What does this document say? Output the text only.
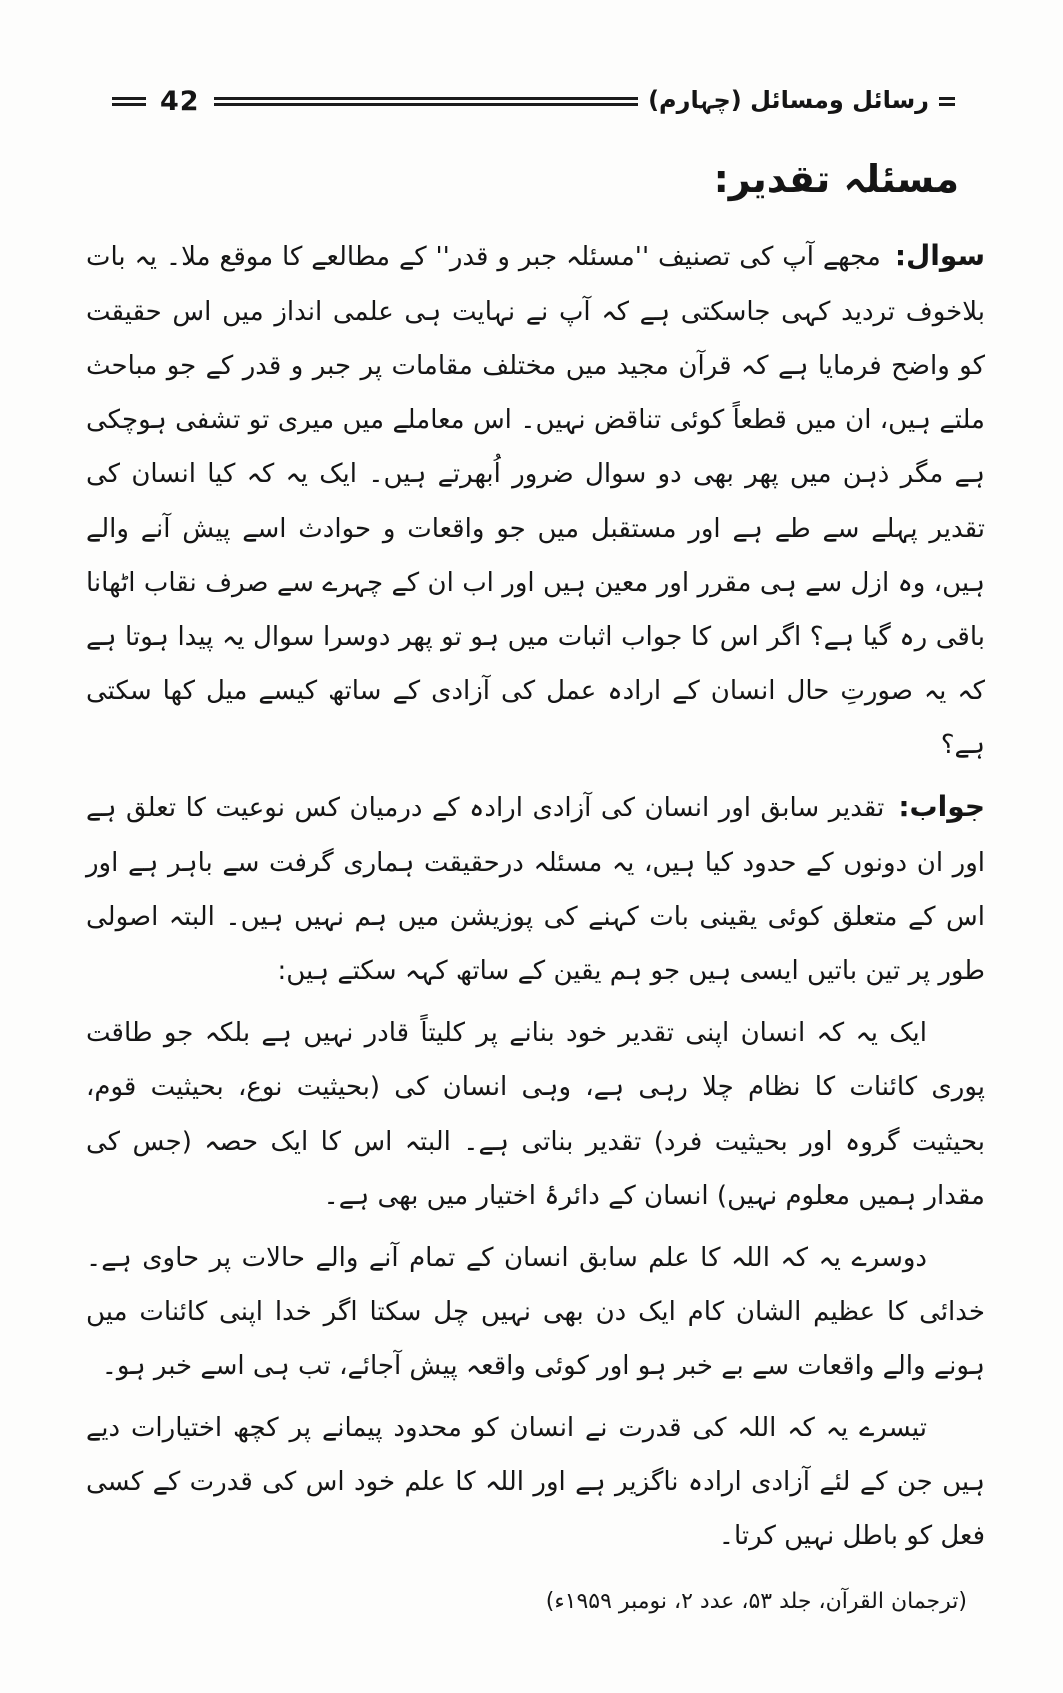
رسائل ومسائل (چہارم)
42
مسئلہ تقدیر:

سوال:مجھے آپ کی تصنیف ''مسئلہ جبر و قدر'' کے مطالعے کا موقع ملا۔ یہ بات بلاخوف تردید کہی جاسکتی ہے کہ آپ نے نہایت ہی علمی انداز میں اس حقیقت کو واضح فرمایا ہے کہ قرآن مجید میں مختلف مقامات پر جبر و قدر کے جو مباحث ملتے ہیں، ان میں قطعاً کوئی تناقض نہیں۔ اس معاملے میں میری تو تشفی ہوچکی ہے مگر ذہن میں پھر بھی دو سوال ضرور اُبھرتے ہیں۔ ایک یہ کہ کیا انسان کی تقدیر پہلے سے طے ہے اور مستقبل میں جو واقعات و حوادث اسے پیش آنے والے ہیں، وہ ازل سے ہی مقرر اور معین ہیں اور اب ان کے چہرے سے صرف نقاب اٹھانا باقی رہ گیا ہے؟ اگر اس کا جواب اثبات میں ہو تو پھر دوسرا سوال یہ پیدا ہوتا ہے کہ یہ صورتِ حال انسان کے ارادہ عمل کی آزادی کے ساتھ کیسے میل کھا سکتی ہے؟

جواب:تقدیر سابق اور انسان کی آزادی ارادہ کے درمیان کس نوعیت کا تعلق ہے اور ان دونوں کے حدود کیا ہیں، یہ مسئلہ درحقیقت ہماری گرفت سے باہر ہے اور اس کے متعلق کوئی یقینی بات کہنے کی پوزیشن میں ہم نہیں ہیں۔ البتہ اصولی طور پر تین باتیں ایسی ہیں جو ہم یقین کے ساتھ کہہ سکتے ہیں:

ایک یہ کہ انسان اپنی تقدیر خود بنانے پر کلیتاً قادر نہیں ہے بلکہ جو طاقت پوری کائنات کا نظام چلا رہی ہے، وہی انسان کی (بحیثیت نوع، بحیثیت قوم، بحیثیت گروہ اور بحیثیت فرد) تقدیر بناتی ہے۔ البتہ اس کا ایک حصہ (جس کی مقدار ہمیں معلوم نہیں) انسان کے دائرۂ اختیار میں بھی ہے۔

دوسرے یہ کہ اللہ کا علم سابق انسان کے تمام آنے والے حالات پر حاوی ہے۔ خدائی کا عظیم الشان کام ایک دن بھی نہیں چل سکتا اگر خدا اپنی کائنات میں ہونے والے واقعات سے بے خبر ہو اور کوئی واقعہ پیش آجائے، تب ہی اسے خبر ہو۔

تیسرے یہ کہ اللہ کی قدرت نے انسان کو محدود پیمانے پر کچھ اختیارات دیے ہیں جن کے لئے آزادی ارادہ ناگزیر ہے اور اللہ کا علم خود اس کی قدرت کے کسی فعل کو باطل نہیں کرتا۔

(ترجمان القرآن، جلد ۵۳، عدد ۲، نومبر ۱۹۵۹ء)
